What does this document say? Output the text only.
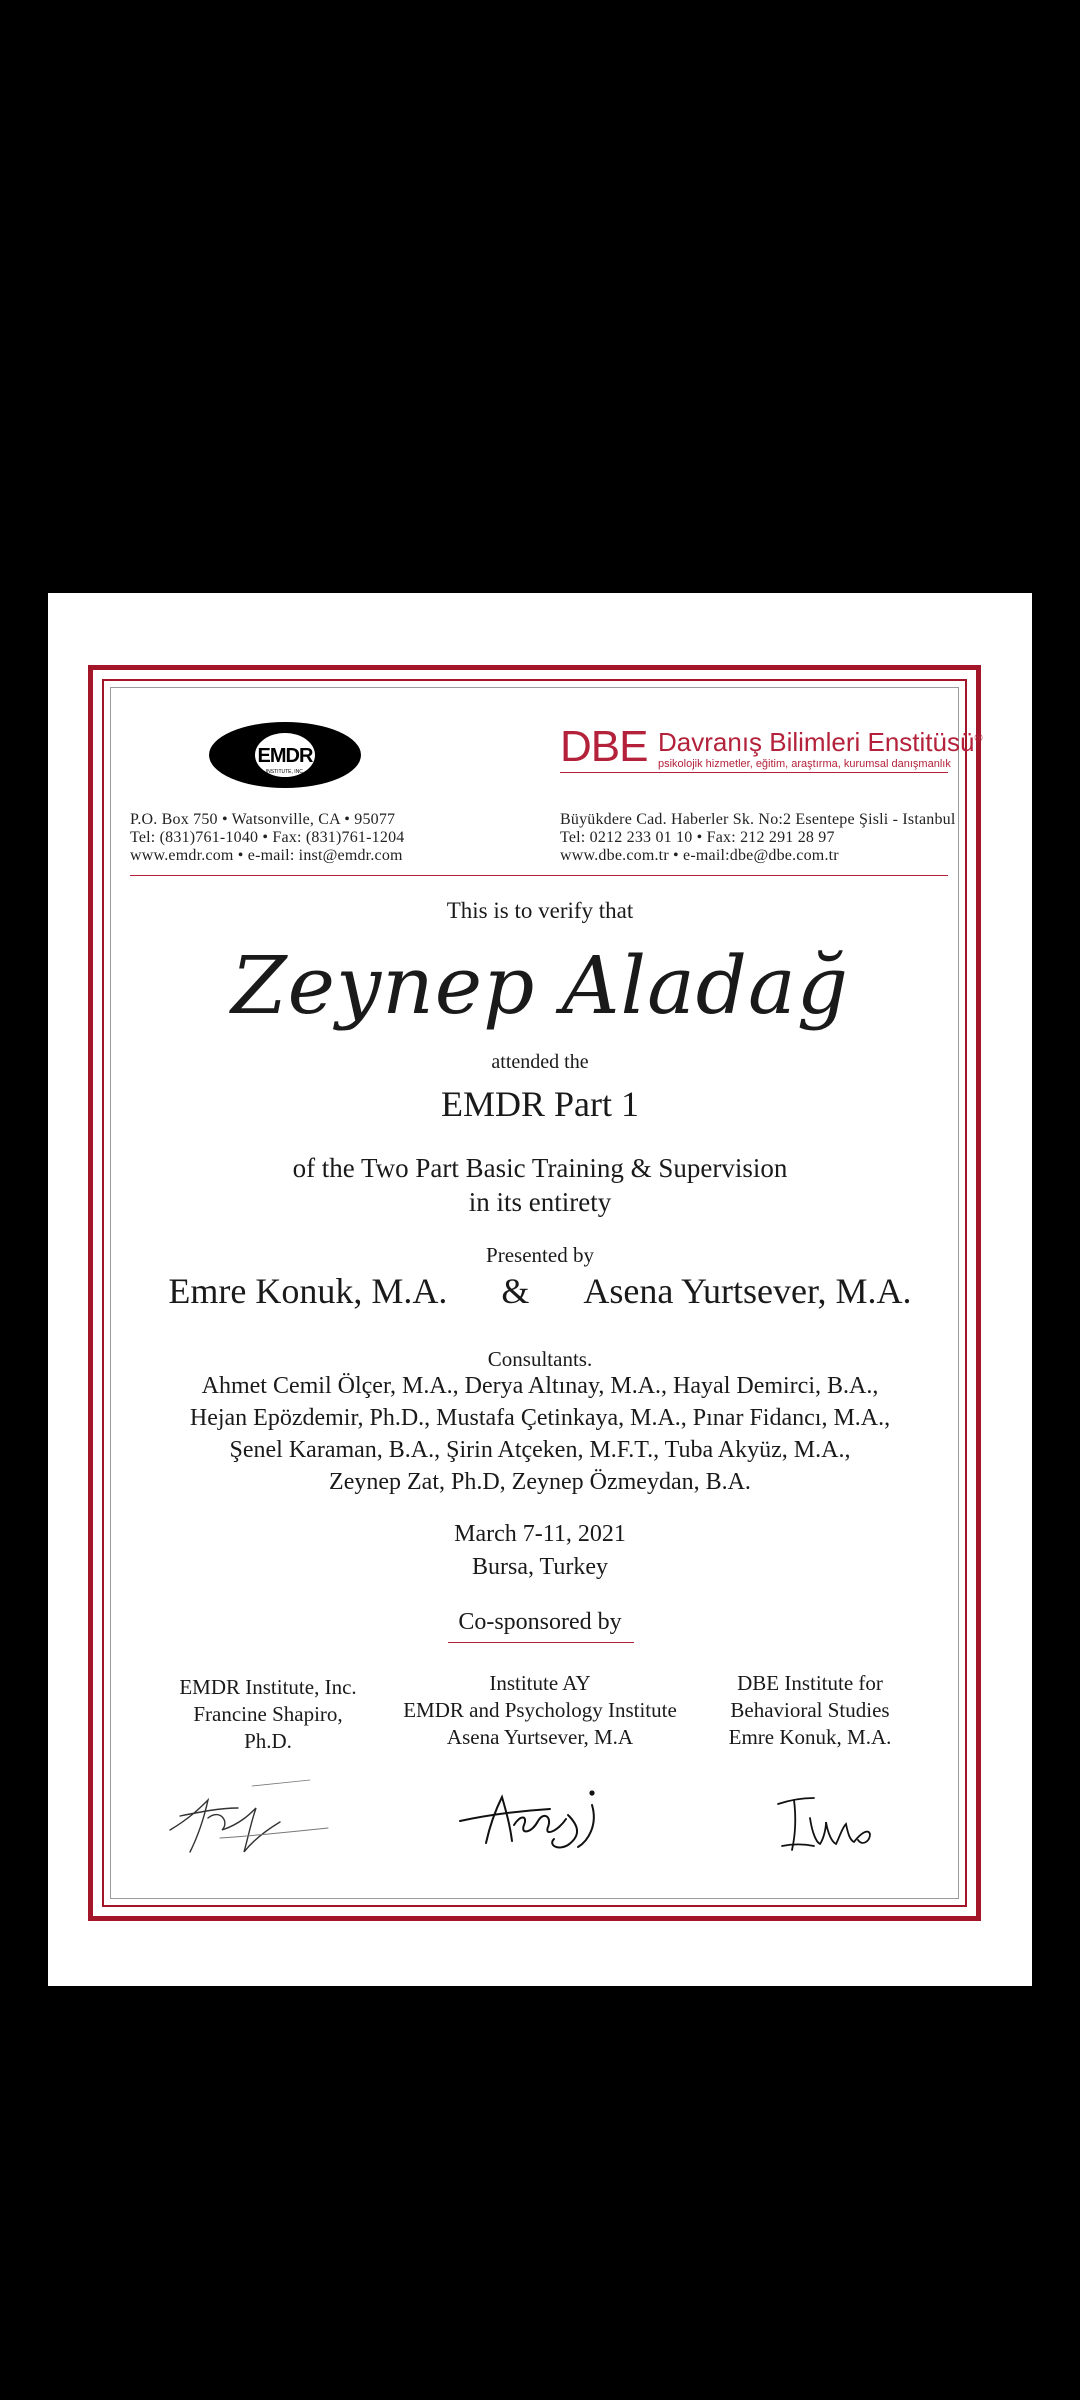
EMDR
INSTITUTE, INC.
DBE Davranış Bilimleri Enstitüsü®
psikolojik hizmetler, eğitim, araştırma, kurumsal danışmanlık
P.O. Box 750 • Watsonville, CA • 95077
Tel: (831)761-1040 • Fax: (831)761-1204
www.emdr.com • e-mail: inst@emdr.com
Büyükdere Cad. Haberler Sk. No:2 Esentepe Şisli - Istanbul
Tel: 0212 233 01 10 • Fax: 212 291 28 97
www.dbe.com.tr • e-mail:dbe@dbe.com.tr
This is to verify that
Zeynep Aladağ
attended the
EMDR Part 1
of the Two Part Basic Training & Supervision
in its entirety
Presented by
Emre Konuk, M.A. & Asena Yurtsever, M.A.
Consultants.
Ahmet Cemil Ölçer, M.A., Derya Altınay, M.A., Hayal Demirci, B.A.,
Hejan Epözdemir, Ph.D., Mustafa Çetinkaya, M.A., Pınar Fidancı, M.A.,
Şenel Karaman, B.A., Şirin Atçeken, M.F.T., Tuba Akyüz, M.A.,
Zeynep Zat, Ph.D, Zeynep Özmeydan, B.A.
March 7-11, 2021
Bursa, Turkey
Co-sponsored by
EMDR Institute, Inc.
Francine Shapiro,
Ph.D.
Institute AY
EMDR and Psychology Institute
Asena Yurtsever, M.A
DBE Institute for
Behavioral Studies
Emre Konuk, M.A.
